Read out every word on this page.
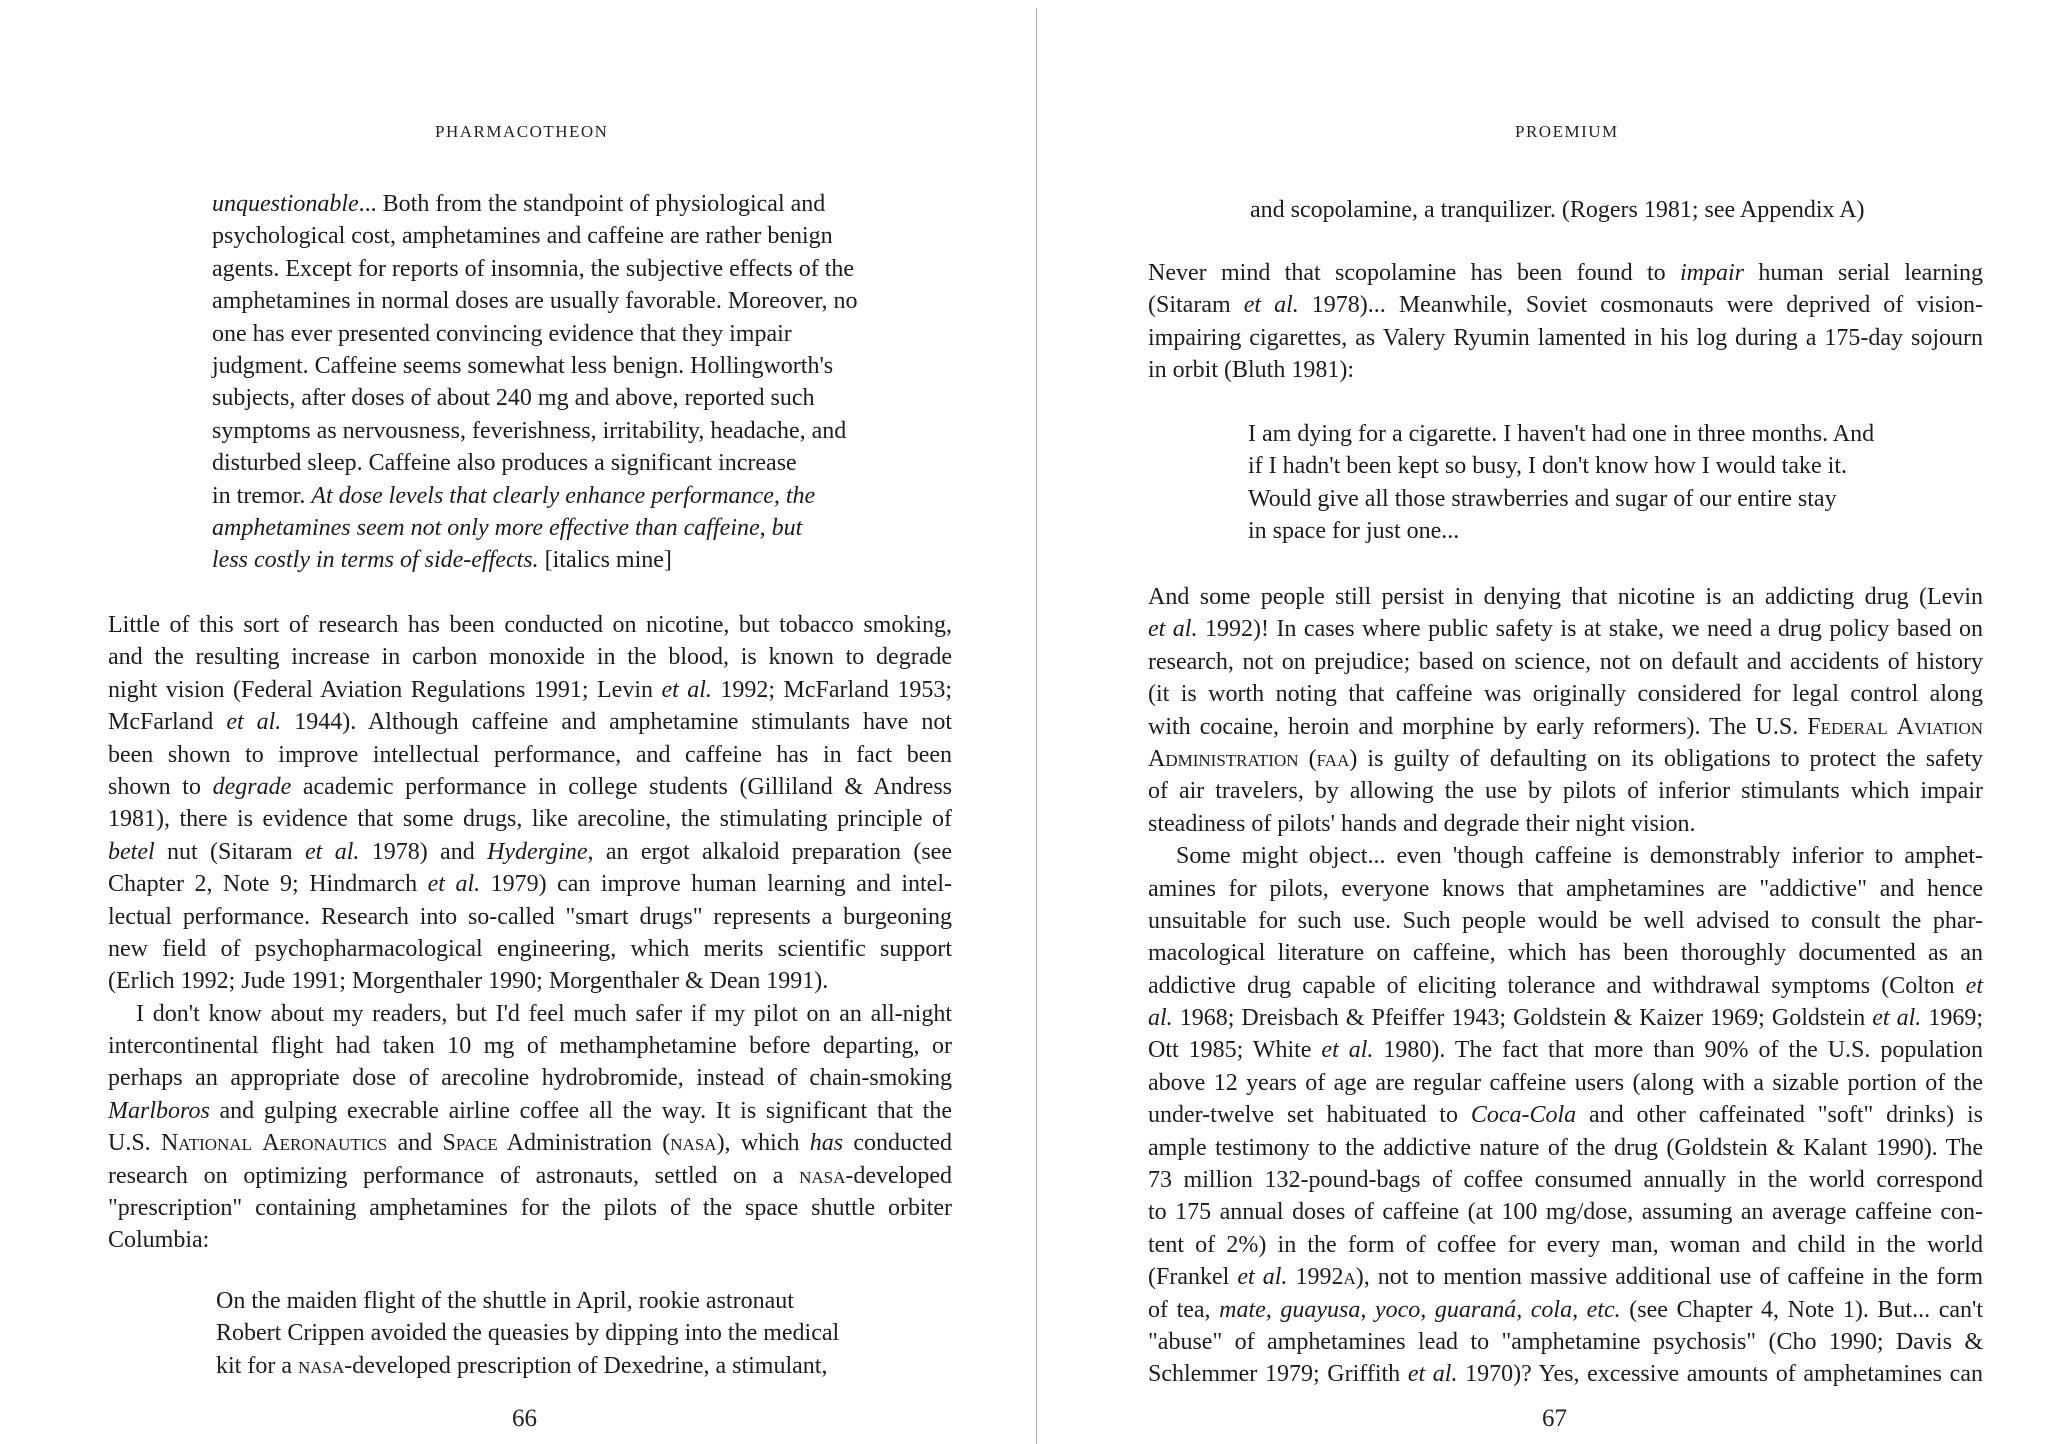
PHARMACOTHEON
unquestionable... Both from the standpoint of physiological and
psychological cost, amphetamines and caffeine are rather benign
agents. Except for reports of insomnia, the subjective effects of the
amphetamines in normal doses are usually favorable. Moreover, no
one has ever presented convincing evidence that they impair
judgment. Caffeine seems somewhat less benign. Hollingworth's
subjects, after doses of about 240 mg and above, reported such
symptoms as nervousness, feverishness, irritability, headache, and
disturbed sleep. Caffeine also produces a significant increase
in tremor. At dose levels that clearly enhance performance, the
amphetamines seem not only more effective than caffeine, but
less costly in terms of side-effects. [italics mine]
Little of this sort of research has been conducted on nicotine, but tobacco smoking,
and the resulting increase in carbon monoxide in the blood, is known to degrade
night vision (Federal Aviation Regulations 1991; Levin et al. 1992; McFarland 1953;
McFarland et al. 1944). Although caffeine and amphetamine stimulants have not
been shown to improve intellectual performance, and caffeine has in fact been
shown to degrade academic performance in college students (Gilliland & Andress
1981), there is evidence that some drugs, like arecoline, the stimulating principle of
betel nut (Sitaram et al. 1978) and Hydergine, an ergot alkaloid preparation (see
Chapter 2, Note 9; Hindmarch et al. 1979) can improve human learning and intel-
lectual performance. Research into so-called "smart drugs" represents a burgeoning
new field of psychopharmacological engineering, which merits scientific support
(Erlich 1992; Jude 1991; Morgenthaler 1990; Morgenthaler & Dean 1991).
I don't know about my readers, but I'd feel much safer if my pilot on an all-night
intercontinental flight had taken 10 mg of methamphetamine before departing, or
perhaps an appropriate dose of arecoline hydrobromide, instead of chain-smoking
Marlboros and gulping execrable airline coffee all the way. It is significant that the
U.S. National Aeronautics and Space Administration (nasa), which has conducted
research on optimizing performance of astronauts, settled on a nasa-developed
"prescription" containing amphetamines for the pilots of the space shuttle orbiter
Columbia:
On the maiden flight of the shuttle in April, rookie astronaut
Robert Crippen avoided the queasies by dipping into the medical
kit for a nasa-developed prescription of Dexedrine, a stimulant,
66
PROEMIUM
and scopolamine, a tranquilizer. (Rogers 1981; see Appendix A)
Never mind that scopolamine has been found to impair human serial learning
(Sitaram et al. 1978)... Meanwhile, Soviet cosmonauts were deprived of vision-
impairing cigarettes, as Valery Ryumin lamented in his log during a 175-day sojourn
in orbit (Bluth 1981):
I am dying for a cigarette. I haven't had one in three months. And
if I hadn't been kept so busy, I don't know how I would take it.
Would give all those strawberries and sugar of our entire stay
in space for just one...
And some people still persist in denying that nicotine is an addicting drug (Levin
et al. 1992)! In cases where public safety is at stake, we need a drug policy based on
research, not on prejudice; based on science, not on default and accidents of history
(it is worth noting that caffeine was originally considered for legal control along
with cocaine, heroin and morphine by early reformers). The U.S. Federal Aviation
Administration (faa) is guilty of defaulting on its obligations to protect the safety
of air travelers, by allowing the use by pilots of inferior stimulants which impair
steadiness of pilots' hands and degrade their night vision.
Some might object... even 'though caffeine is demonstrably inferior to amphet-
amines for pilots, everyone knows that amphetamines are "addictive" and hence
unsuitable for such use. Such people would be well advised to consult the phar-
macological literature on caffeine, which has been thoroughly documented as an
addictive drug capable of eliciting tolerance and withdrawal symptoms (Colton et
al. 1968; Dreisbach & Pfeiffer 1943; Goldstein & Kaizer 1969; Goldstein et al. 1969;
Ott 1985; White et al. 1980). The fact that more than 90% of the U.S. population
above 12 years of age are regular caffeine users (along with a sizable portion of the
under-twelve set habituated to Coca-Cola and other caffeinated "soft" drinks) is
ample testimony to the addictive nature of the drug (Goldstein & Kalant 1990). The
73 million 132-pound-bags of coffee consumed annually in the world correspond
to 175 annual doses of caffeine (at 100 mg/dose, assuming an average caffeine con-
tent of 2%) in the form of coffee for every man, woman and child in the world
(Frankel et al. 1992a), not to mention massive additional use of caffeine in the form
of tea, mate, guayusa, yoco, guaraná, cola, etc. (see Chapter 4, Note 1). But... can't
"abuse" of amphetamines lead to "amphetamine psychosis" (Cho 1990; Davis &
Schlemmer 1979; Griffith et al. 1970)? Yes, excessive amounts of amphetamines can
67
